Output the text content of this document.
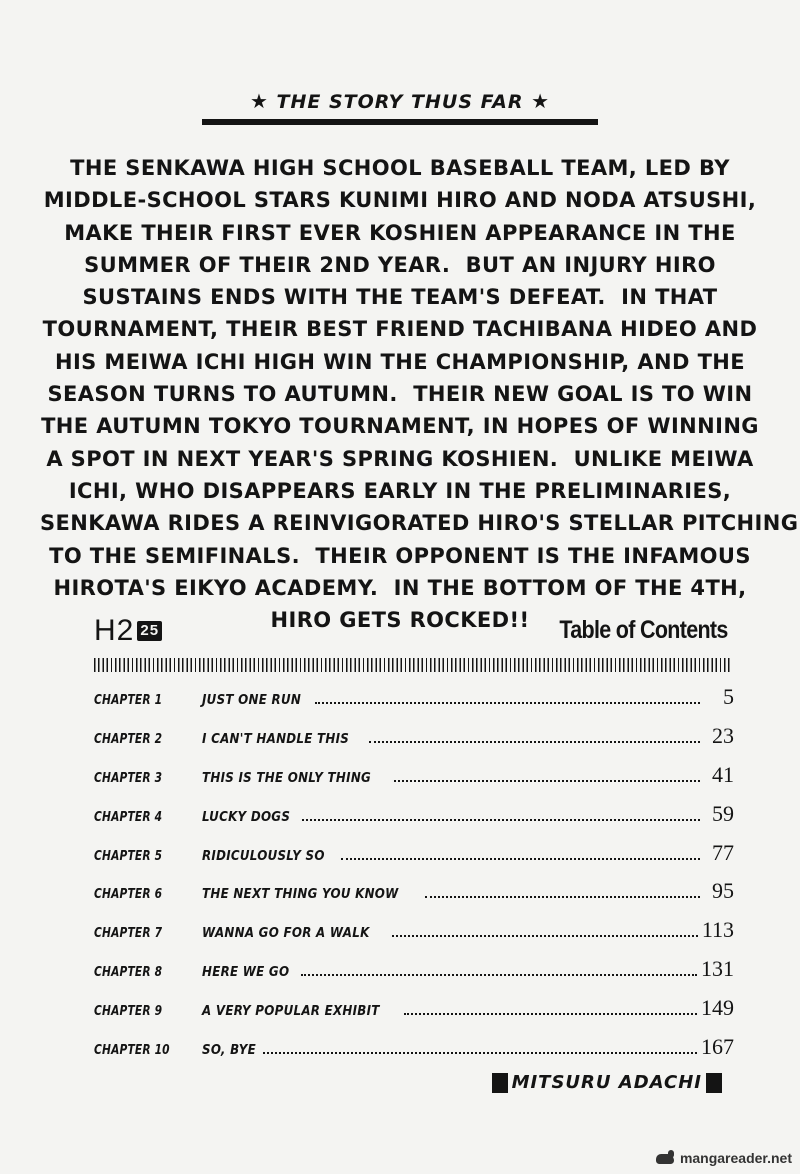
★ THE STORY THUS FAR ★
THE SENKAWA HIGH SCHOOL BASEBALL TEAM, LED BY
MIDDLE-SCHOOL STARS KUNIMI HIRO AND NODA ATSUSHI,
MAKE THEIR FIRST EVER KOSHIEN APPEARANCE IN THE
SUMMER OF THEIR 2ND YEAR.  BUT AN INJURY HIRO
SUSTAINS ENDS WITH THE TEAM'S DEFEAT.  IN THAT
TOURNAMENT, THEIR BEST FRIEND TACHIBANA HIDEO AND
HIS MEIWA ICHI HIGH WIN THE CHAMPIONSHIP, AND THE
SEASON TURNS TO AUTUMN.  THEIR NEW GOAL IS TO WIN
THE AUTUMN TOKYO TOURNAMENT, IN HOPES OF WINNING
A SPOT IN NEXT YEAR'S SPRING KOSHIEN.  UNLIKE MEIWA
ICHI, WHO DISAPPEARS EARLY IN THE PRELIMINARIES,
SENKAWA RIDES A REINVIGORATED HIRO'S STELLAR PITCHING
TO THE SEMIFINALS.  THEIR OPPONENT IS THE INFAMOUS
HIROTA'S EIKYO ACADEMY.  IN THE BOTTOM OF THE 4TH,
HIRO GETS ROCKED!!
H2 25	Table of Contents
CHAPTER 1	JUST ONE RUN	5
CHAPTER 2	I CAN'T HANDLE THIS	23
CHAPTER 3	THIS IS THE ONLY THING	41
CHAPTER 4	LUCKY DOGS	59
CHAPTER 5	RIDICULOUSLY SO	77
CHAPTER 6	THE NEXT THING YOU KNOW	95
CHAPTER 7	WANNA GO FOR A WALK	113
CHAPTER 8	HERE WE GO	131
CHAPTER 9	A VERY POPULAR EXHIBIT	149
CHAPTER 10	SO, BYE	167
MITSURU ADACHI
mangareader.net
